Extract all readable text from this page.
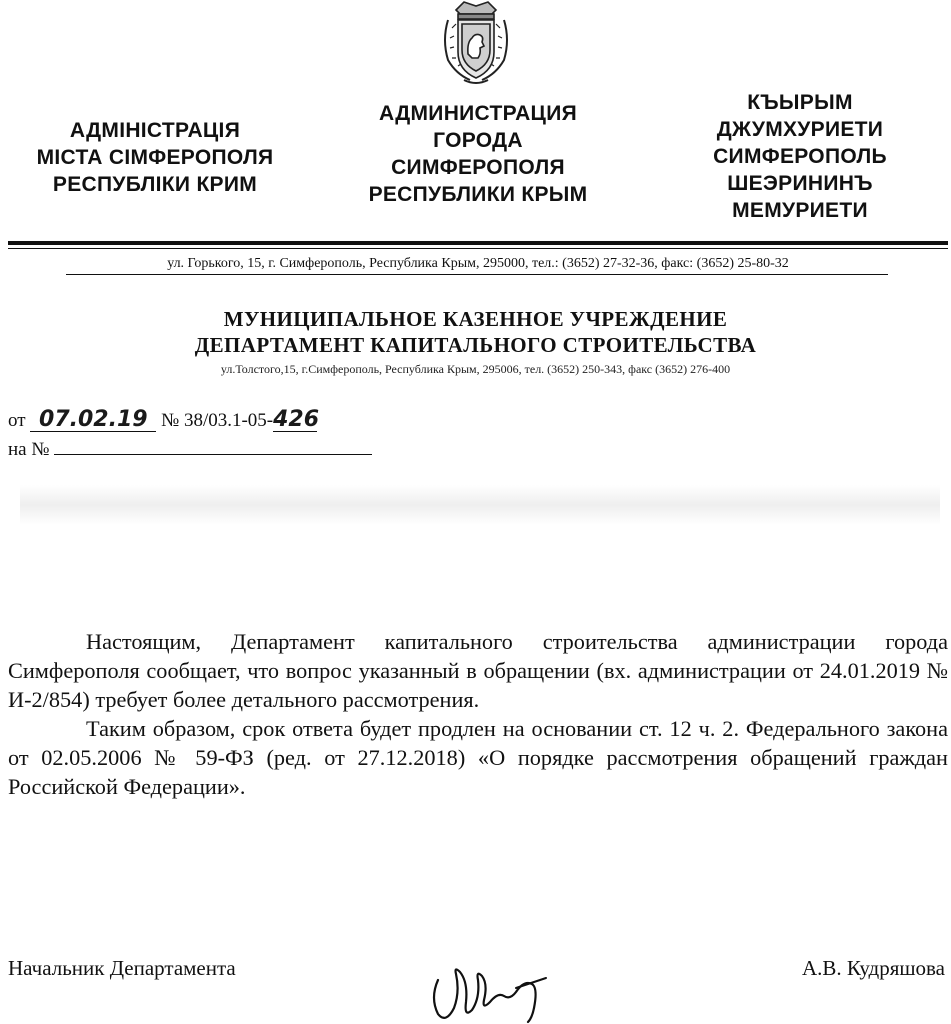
АДМІНІСТРАЦІЯ
МІСТА СІМФЕРОПОЛЯ
РЕСПУБЛІКИ КРИМ
АДМИНИСТРАЦИЯ
ГОРОДА
СИМФЕРОПОЛЯ
РЕСПУБЛИКИ КРЫМ
КЪЫРЫМ
ДЖУМХУРИЕТИ
СИМФЕРОПОЛЬ
ШЕЭРИНИНЪ
МЕМУРИЕТИ
ул. Горького, 15, г. Симферополь, Республика Крым, 295000, тел.: (3652) 27-32-36, факс: (3652) 25-80-32
МУНИЦИПАЛЬНОЕ КАЗЕННОЕ УЧРЕЖДЕНИЕ
ДЕПАРТАМЕНТ КАПИТАЛЬНОГО СТРОИТЕЛЬСТВА
ул.Толстого,15, г.Симферополь, Республика Крым, 295006, тел. (3652) 250-343, факс (3652) 276-400
от 07.02.19 № 38/03.1-05-426
на №

Настоящим, Департамент капитального строительства администрации города Симферополя сообщает, что вопрос указанный в обращении (вх. администрации от 24.01.2019 № И-2/854) требует более детального рассмотрения.

Таким образом, срок ответа будет продлен на основании ст. 12 ч. 2. Федерального закона от 02.05.2006 № 59-ФЗ (ред. от 27.12.2018) «О порядке рассмотрения обращений граждан Российской Федерации».

Начальник Департамента	А.В. Кудряшова
